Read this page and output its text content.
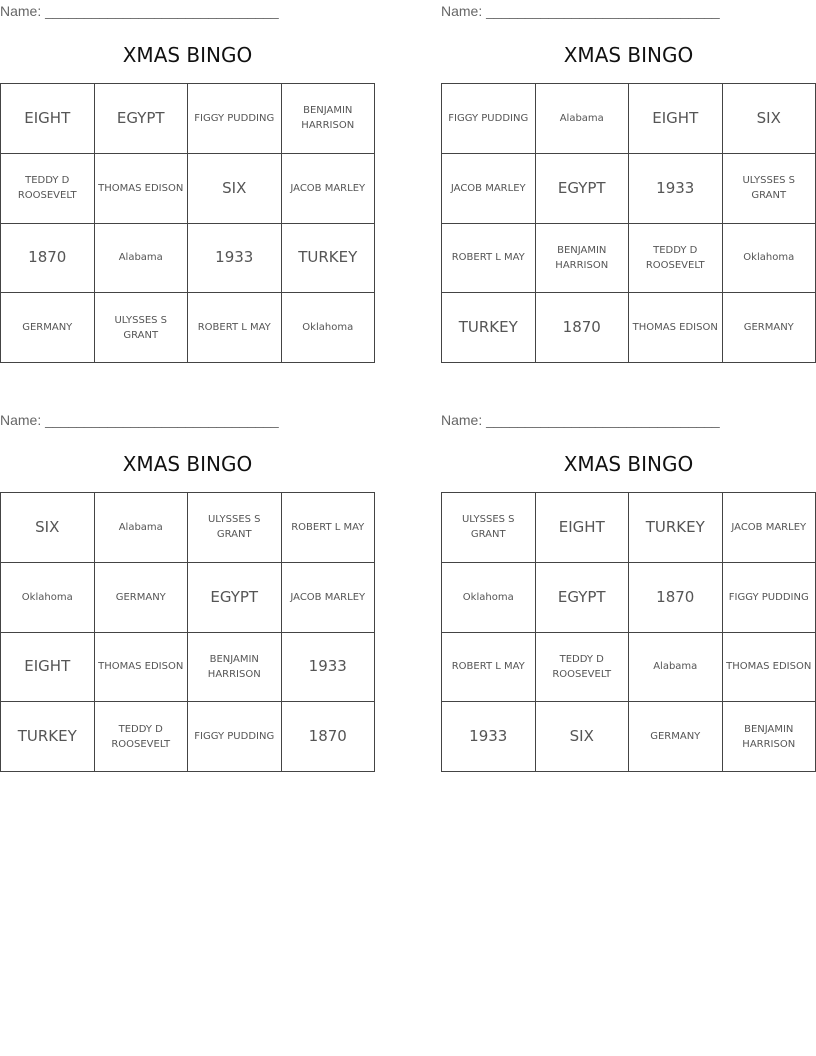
Name: ______________________________
XMAS BINGO
EIGHT	EGYPT	FIGGY PUDDING	BENJAMIN HARRISON
TEDDY D ROOSEVELT	THOMAS EDISON	SIX	JACOB MARLEY
1870	Alabama	1933	TURKEY
GERMANY	ULYSSES S GRANT	ROBERT L MAY	Oklahoma
Name: ______________________________
XMAS BINGO
FIGGY PUDDING	Alabama	EIGHT	SIX
JACOB MARLEY	EGYPT	1933	ULYSSES S GRANT
ROBERT L MAY	BENJAMIN HARRISON	TEDDY D ROOSEVELT	Oklahoma
TURKEY	1870	THOMAS EDISON	GERMANY
Name: ______________________________
XMAS BINGO
SIX	Alabama	ULYSSES S GRANT	ROBERT L MAY
Oklahoma	GERMANY	EGYPT	JACOB MARLEY
EIGHT	THOMAS EDISON	BENJAMIN HARRISON	1933
TURKEY	TEDDY D ROOSEVELT	FIGGY PUDDING	1870
Name: ______________________________
XMAS BINGO
ULYSSES S GRANT	EIGHT	TURKEY	JACOB MARLEY
Oklahoma	EGYPT	1870	FIGGY PUDDING
ROBERT L MAY	TEDDY D ROOSEVELT	Alabama	THOMAS EDISON
1933	SIX	GERMANY	BENJAMIN HARRISON
